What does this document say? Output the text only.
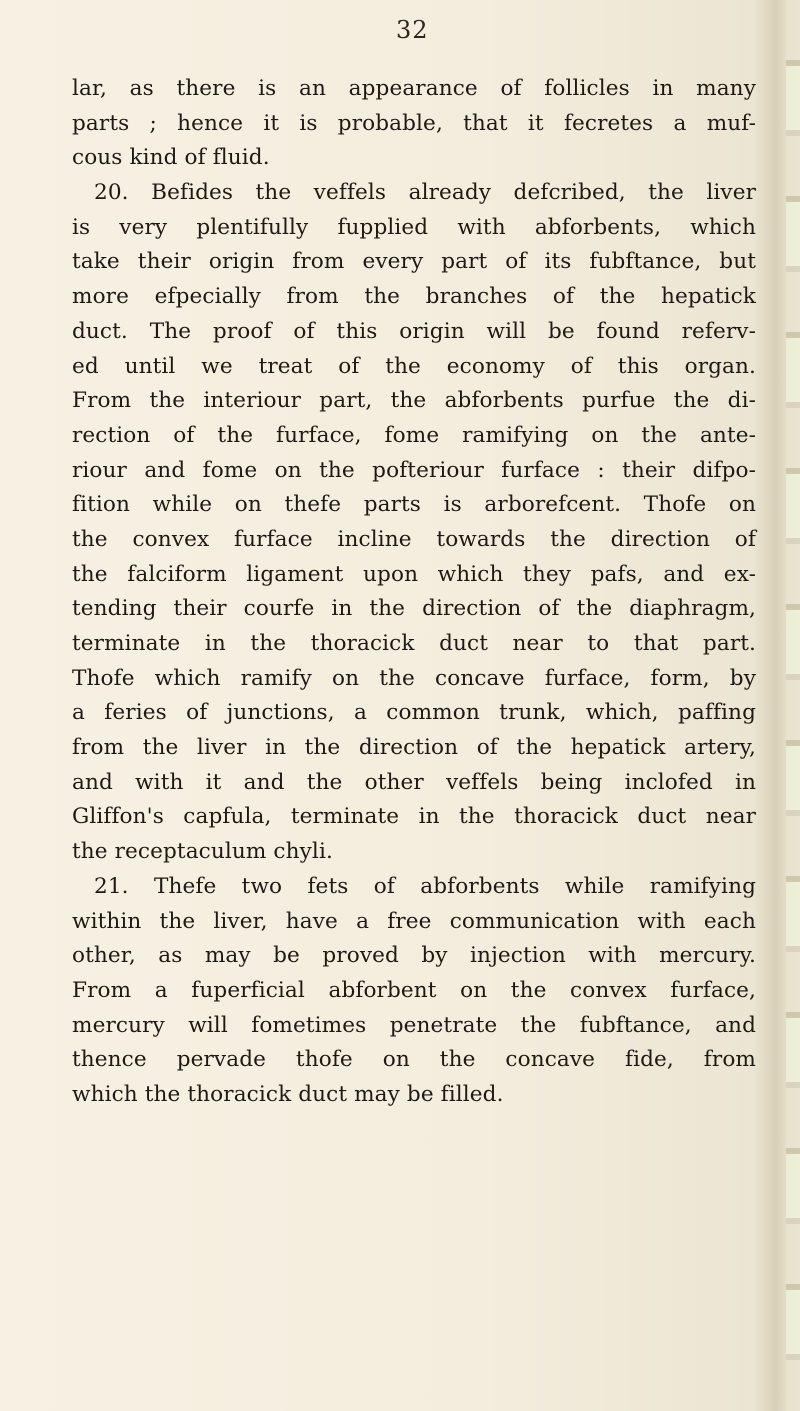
32
lar, as there is an appearance of follicles in many
parts ; hence it is probable, that it fecretes a muf-
cous kind of fluid.
20. Befides the veffels already defcribed, the liver
is very plentifully fupplied with abforbents, which
take their origin from every part of its fubftance, but
more efpecially from the branches of the hepatick
duct. The proof of this origin will be found referv-
ed until we treat of the economy of this organ.
From the interiour part, the abforbents purfue the di-
rection of the furface, fome ramifying on the ante-
riour and fome on the pofteriour furface : their difpo-
fition while on thefe parts is arborefcent. Thofe on
the convex furface incline towards the direction of
the falciform ligament upon which they pafs, and ex-
tending their courfe in the direction of the diaphragm,
terminate in the thoracick duct near to that part.
Thofe which ramify on the concave furface, form, by
a feries of junctions, a common trunk, which, paffing
from the liver in the direction of the hepatick artery,
and with it and the other veffels being inclofed in
Gliffon's capfula, terminate in the thoracick duct near
the receptaculum chyli.
21. Thefe two fets of abforbents while ramifying
within the liver, have a free communication with each
other, as may be proved by injection with mercury.
From a fuperficial abforbent on the convex furface,
mercury will fometimes penetrate the fubftance, and
thence pervade thofe on the concave fide, from
which the thoracick duct may be filled.
